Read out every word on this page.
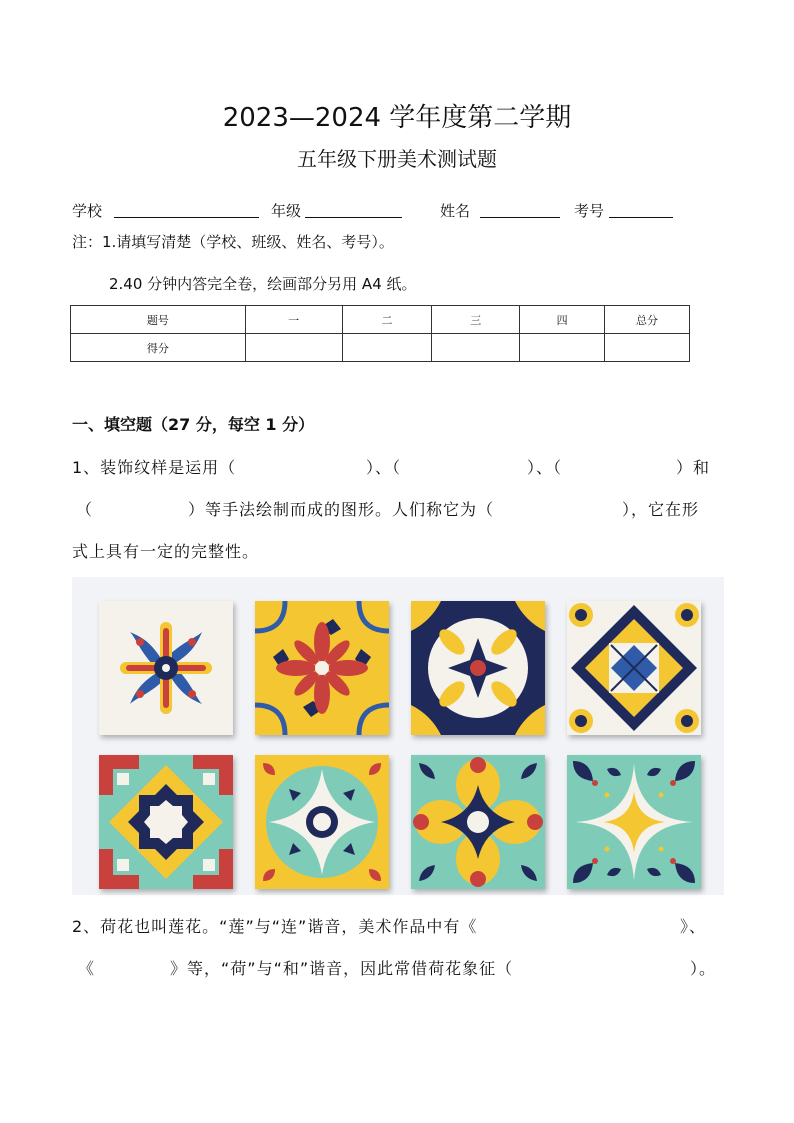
2023—2024 学年度第二学期
五年级下册美术测试题
学校	年级	姓名	考号
注：1.请填写清楚（学校、班级、姓名、考号）。
2.40 分钟内答完全卷，绘画部分另用 A4 纸。
题号	一	二	三	四	总分
得分					
一、填空题（27 分，每空 1 分）
1、装饰纹样是运用（	）、（	）、（	）和
（	）等手法绘制而成的图形。人们称它为（	），它在形
式上具有一定的完整性。
2、荷花也叫莲花。“莲”与“连”谐音，美术作品中有《	》、
《	》等，“荷”与“和”谐音，因此常借荷花象征（	）。
